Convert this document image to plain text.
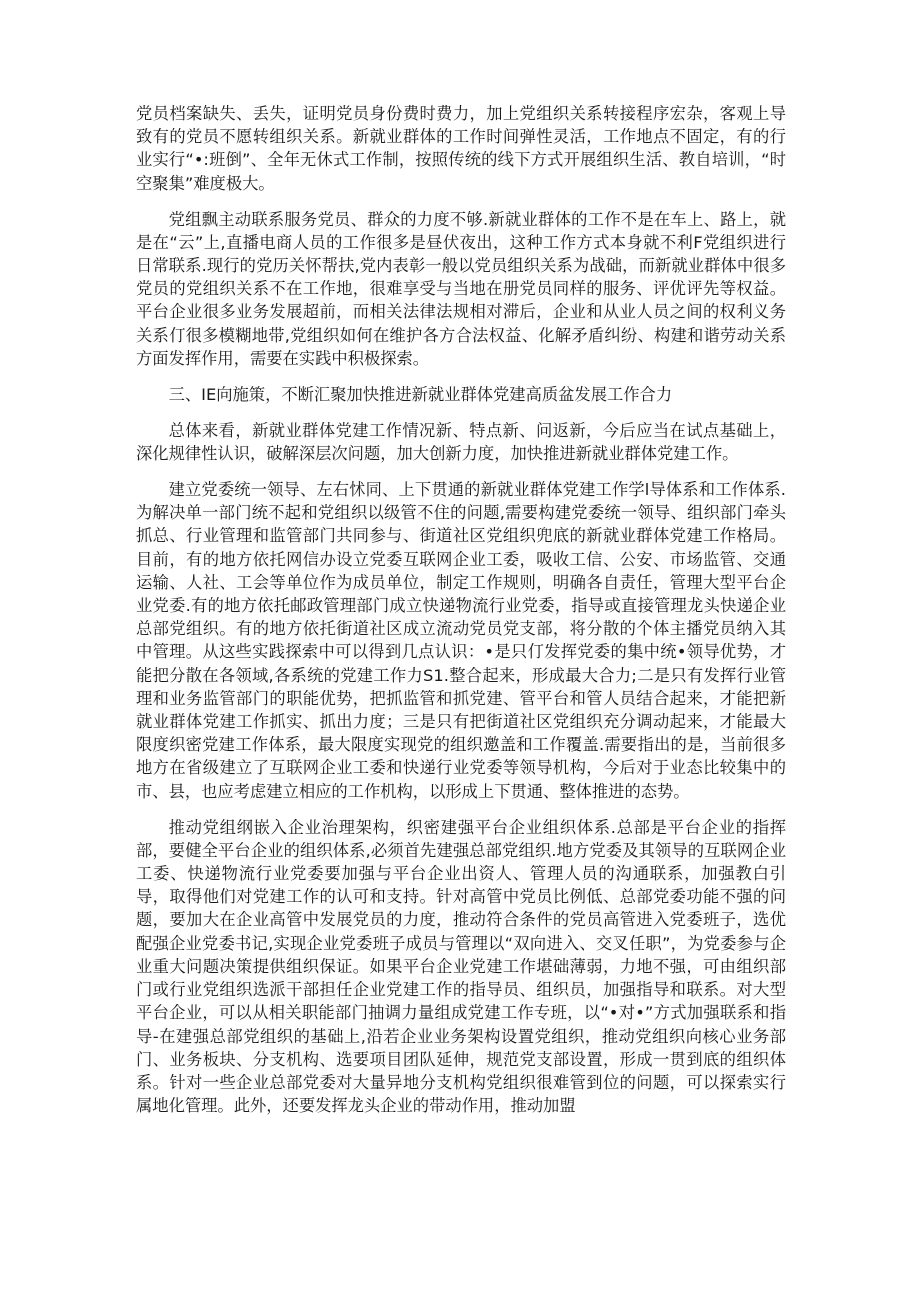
党员档案缺失、丢失，证明党员身份费时费力，加上党组织关系转接程序宏杂，客观上导致有的党员不愿转组织关系。新就业群体的工作时间弹性灵活，工作地点不固定，有的行业实行“•:班倒”、全年无休式工作制，按照传统的线下方式开展组织生活、教自培训，“时空聚集”难度极大。

党组飘主动联系服务党员、群众的力度不够.新就业群体的工作不是在车上、路上，就是在“云”上,直播电商人员的工作很多是昼伏夜出，这种工作方式本身就不利F党组织进行日常联系.现行的党历关怀帮扶,党内表彰一般以党员组织关系为战础，而新就业群体中很多党员的党组织关系不在工作地，很难享受与当地在册党员同样的服务、评优评先等权益。平台企业很多业务发展超前，而相关法律法规相对滞后，企业和从业人员之间的权利义务关系仃很多模糊地带,党组织如何在维护各方合法权益、化解矛盾纠纷、构建和谐劳动关系方面发挥作用，需要在实践中积极探索。

三、IE向施策，不断汇聚加快推进新就业群体党建高质盆发展工作合力

总体来看，新就业群体党建工作情况新、特点新、问返新，今后应当在试点基础上，深化规律性认识，破解深层次问题，加大创新力度，加快推进新就业群体党建工作。

建立党委统一领导、左右怵同、上下贯通的新就业群体党建工作学l导体系和工作体系.为解决单一部门统不起和党组织以级管不住的问题,需要构建党委统一领导、组织部门牵头抓总、行业管理和监管部门共同参与、街道社区党组织兜底的新就业群体党建工作格局。目前，有的地方依托网信办设立党委互联网企业工委，吸收工信、公安、市场监管、交通运输、人社、工会等单位作为成员单位，制定工作规则，明确各自责任，管理大型平台企业党委.有的地方依托邮政管理部门成立快递物流行业党委，指导或直接管理龙头快递企业总部党组织。有的地方依托街道社区成立流动党员党支部，将分散的个体主播党员纳入其中管理。从这些实践探索中可以得到几点认识：•是只仃发挥党委的集中统•领导优势，才能把分散在各领域,各系统的党建工作力S1.整合起来，形成最大合力;二是只有发挥行业管理和业务监管部门的职能优势，把抓监管和抓党建、管平台和管人员结合起来，才能把新就业群体党建工作抓实、抓出力度；三是只有把街道社区党组织充分调动起来，才能最大限度织密党建工作体系，最大限度实现党的组织邀盖和工作覆盖.需要指出的是，当前很多地方在省级建立了互联网企业工委和快递行业党委等领导机构，今后对于业态比较集中的市、县，也应考虑建立相应的工作机构，以形成上下贯通、整体推进的态势。

推动党组纲嵌入企业治理架构，织密建强平台企业组织体系.总部是平台企业的指挥部，要健全平台企业的组织体系,必须首先建强总部党组织.地方党委及其领导的互联网企业工委、快递物流行业党委要加强与平台企业出资人、管理人员的沟通联系，加强教白引导，取得他们对党建工作的认可和支持。针对高管中党员比例低、总部党委功能不强的问题，要加大在企业高管中发展党员的力度，推动符合条件的党员高管进入党委班子，选优配强企业党委书记,实现企业党委班子成员与管理以“双向进入、交叉任职”，为党委参与企业重大问题决策提供组织保证。如果平台企业党建工作堪础薄弱，力地不强，可由组织部门或行业党组织选派干部担任企业党建工作的指导员、组织员，加强指导和联系。对大型平台企业，可以从相关职能部门抽调力量组成党建工作专班，以“•对•”方式加强联系和指导-在建强总部党组织的基础上,沿若企业业务架构设置党组织，推动党组织向核心业务部门、业务板块、分支机构、选要项目团队延伸，规范党支部设置，形成一贯到底的组织体系。针对一些企业总部党委对大量异地分支机构党组织很难管到位的问题，可以探索实行属地化管理。此外，还要发挥龙头企业的带动作用，推动加盟
